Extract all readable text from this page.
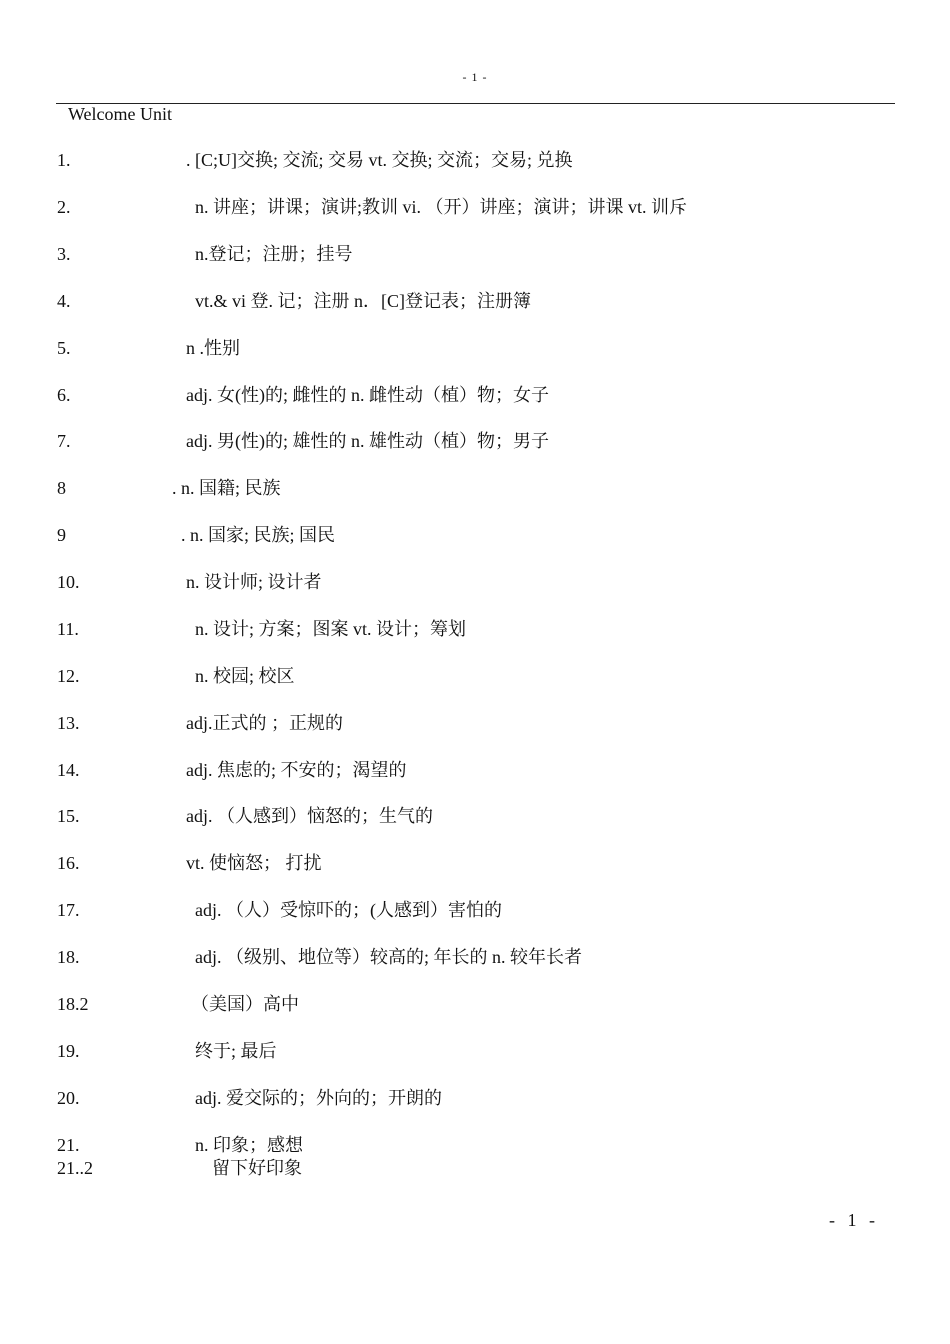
- 1 -
Welcome Unit
1.	. [C;U]交换; 交流; 交易 vt. 交换; 交流；交易; 兑换
2.	n. 讲座；讲课；演讲;教训 vi. （开）讲座；演讲；讲课 vt. 训斥
3.	n.登记；注册；挂号
4.	vt.& vi 登. 记；注册 n．[C]登记表；注册簿
5.	n .性别
6.	adj. 女(性)的; 雌性的 n. 雌性动（植）物；女子
7.	adj. 男(性)的; 雄性的 n. 雄性动（植）物；男子
8	. n. 国籍; 民族
9	. n. 国家; 民族; 国民
10.	n. 设计师; 设计者
11.	n. 设计; 方案；图案 vt. 设计；筹划
12.	n. 校园; 校区
13.	adj.正式的 ；正规的
14.	adj. 焦虑的; 不安的；渴望的
15.	adj. （人感到）恼怒的；生气的
16.	vt. 使恼怒； 打扰
17.	adj. （人）受惊吓的；(人感到）害怕的
18.	adj. （级别、地位等）较高的; 年长的 n. 较年长者
18.2	（美国）高中
19.	终于; 最后
20.	adj. 爱交际的；外向的；开朗的
21.	n. 印象；感想
21..2	留下好印象
- 1 -
